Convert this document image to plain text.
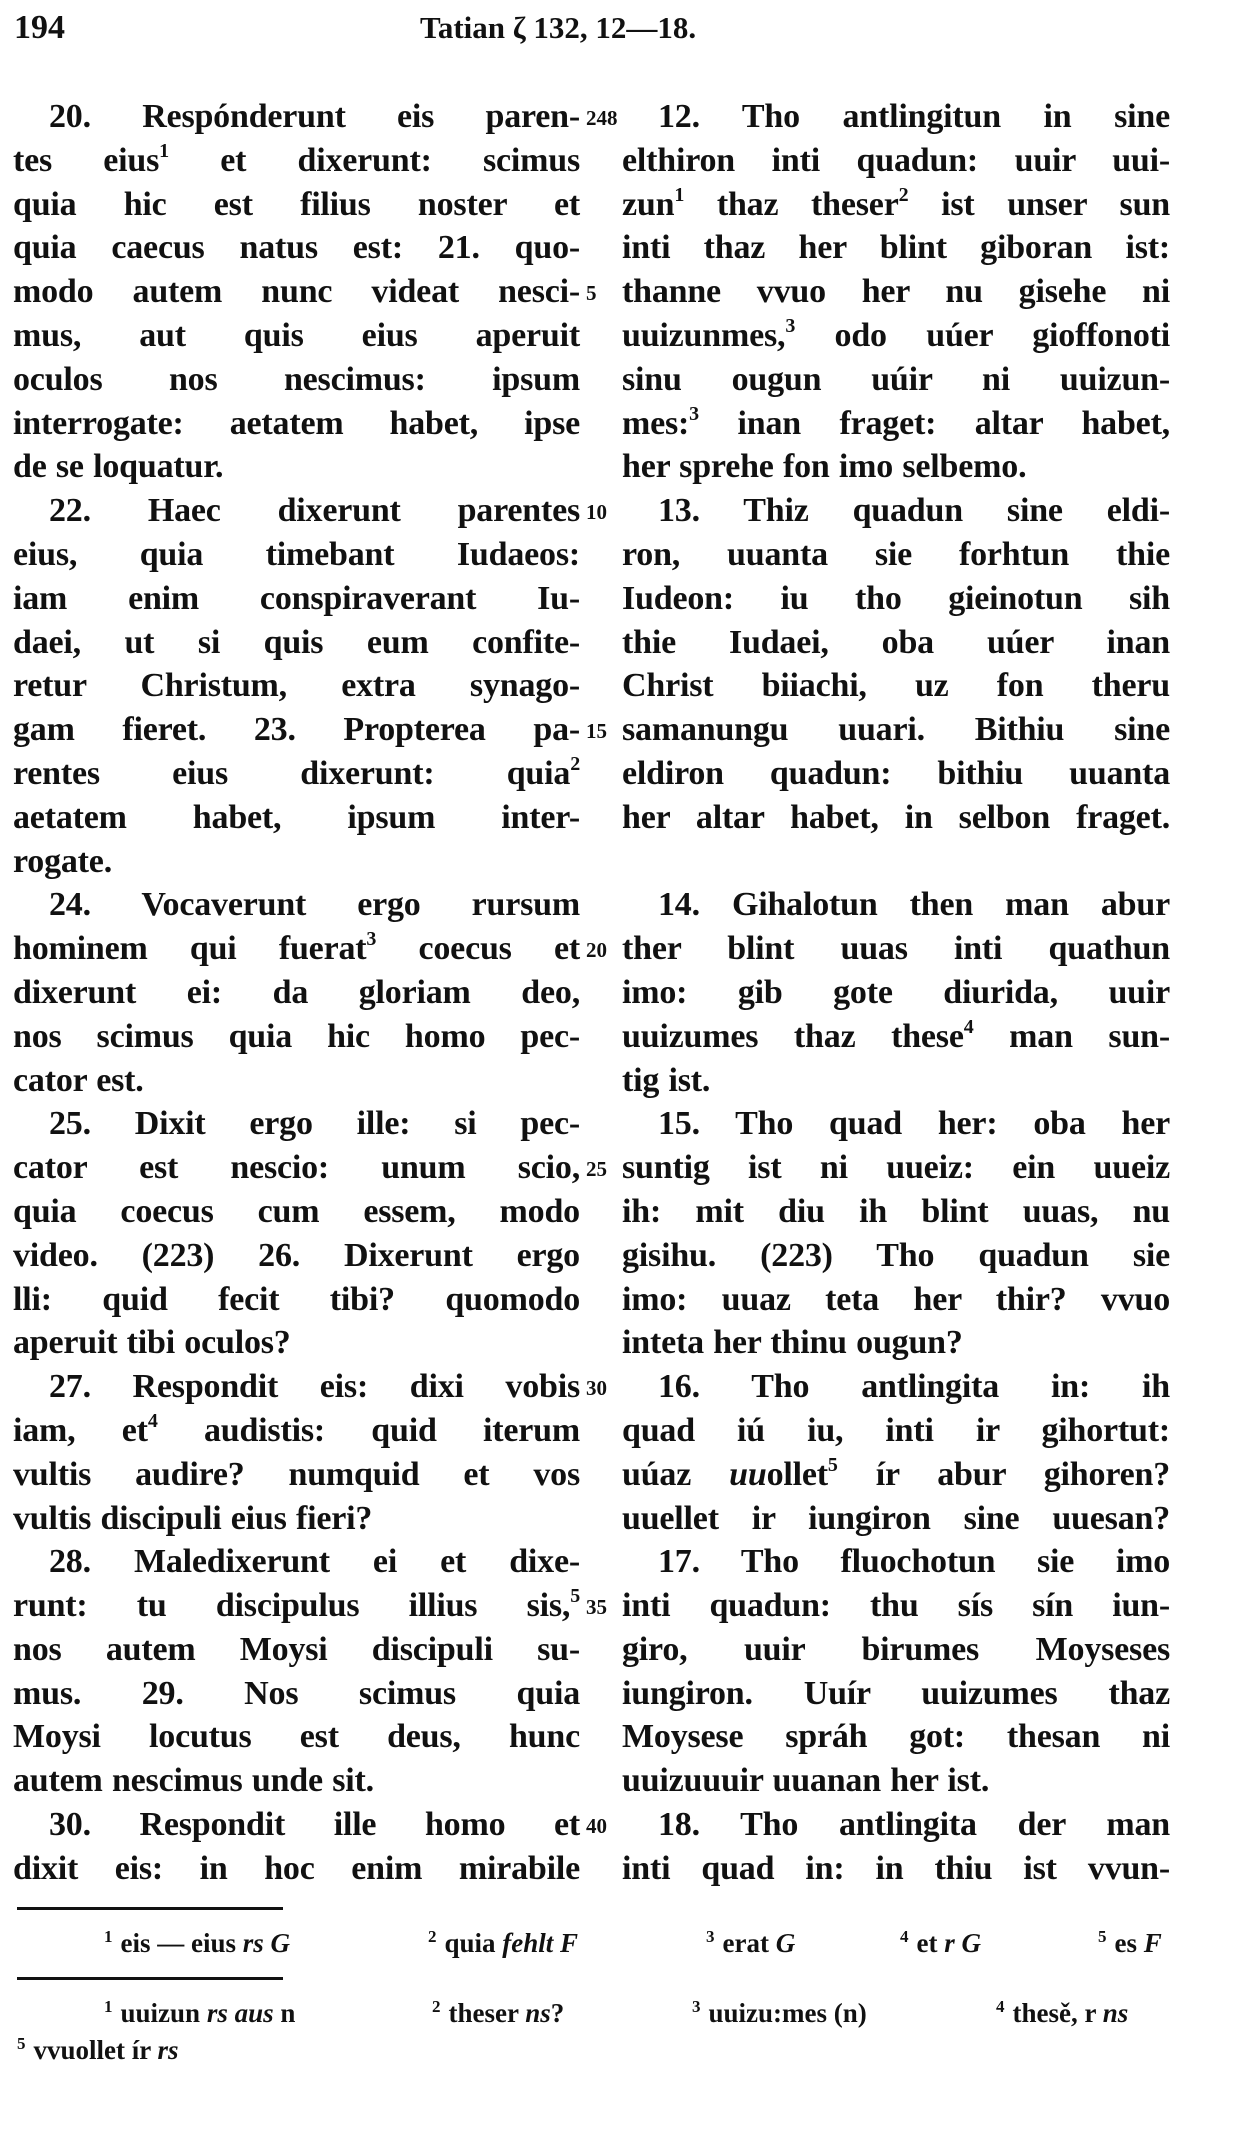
194	Tatian ζ 132, 12—18.
20. Respónderunt eis paren-
tes eius$^1$ et dixerunt: scimus
quia hic est filius noster et
quia caecus natus est: 21. quo-
modo autem nunc videat nesci-
mus, aut quis eius aperuit
oculos nos nescimus: ipsum
interrogate: aetatem habet, ipse
de se loquatur.
22. Haec dixerunt parentes
eius, quia timebant Iudaeos:
iam enim conspiraverant Iu-
daei, ut si quis eum confite-
retur Christum, extra synago-
gam fieret. 23. Propterea pa-
rentes eius dixerunt: quia$^2$
aetatem habet, ipsum inter-
rogate.
24. Vocaverunt ergo rursum
hominem qui fuerat$^3$ coecus et
dixerunt ei: da gloriam deo,
nos scimus quia hic homo pec-
cator est.
25. Dixit ergo ille: si pec-
cator est nescio: unum scio,
quia coecus cum essem, modo
video. (223) 26. Dixerunt ergo
lli: quid fecit tibi? quomodo
aperuit tibi oculos?
27. Respondit eis: dixi vobis
iam, $et^4$ audistis: quid iterum
vultis audire? numquid et vos
vultis discipuli eius fieri?
28. Maledixerunt ei et dixe-
runt: tu discipulus illius sis,$^5$
nos autem Moysi discipuli su-
mus. 29. Nos scimus quia
Moysi locutus est deus, hunc
autem nescimus unde sit.
30. Respondit ille homo et
dixit eis: in hoc enim mirabile
248
5
10
15
20
25
30
35
40
12. Tho antlingitun in sine
elthiron inti quadun: uuir uui-
zun$^1$ thaz theser$^2$ ist unser sun
inti thaz her blint giboran ist:
thanne vvuo her nu gisehe ni
uuizunmes,$^3$ odo uúer gioffonoti
sinu ougun uúir ni uuizun-
mes:$^3$ inan fraget: altar habet,
her sprehe fon imo selbemo.
13. Thiz quadun sine eldi-
ron, uuanta sie forhtun thie
Iudeon: iu tho gieinotun sih
thie Iudaei, oba uúer inan
Christ biiachi, uz fon theru
samanungu uuari. Bithiu sine
eldiron quadun: bithiu uuanta
her altar habet, in selbon fraget.
14. Gihalotun then man abur
ther blint uuas inti quathun
imo: gib gote diurida, uuir
uuizumes thaz these$^4$ man sun-
tig ist.
15. Tho quad her: oba her
suntig ist ni uueiz: ein uueiz
ih: mit diu ih blint uuas, nu
gisihu. (223) Tho quadun sie
imo: uuaz teta her thir? vvuo
inteta her thinu ougun?
16. Tho antlingita in: ih
quad iú iu, inti ir gihortut:
uúaz uuollet$^5$ ír abur gihoren?
uuellet ir iungiron sine uuesan?
17. Tho fluochotun sie imo
inti quadun: thu sís sín iun-
giro, uuir birumes Moyseses
iungiron. Uuír uuizumes thaz
Moysese spráh got: thesan ni
uuizuuuir uuanan her ist.
18. Tho antlingita der man
inti quad in: in thiu ist vvun-
$^1$ eis — eius rs G	$^2$ quia fehlt F	$^3$ erat G	$^4$ et r G	$^5$ es F
$^1$ uuizun rs aus n	$^2$ theser ns?	$^3$ uuizu:mes (n)	$^4$ thesě, r ns
$^5$ vvuollet ír rs
